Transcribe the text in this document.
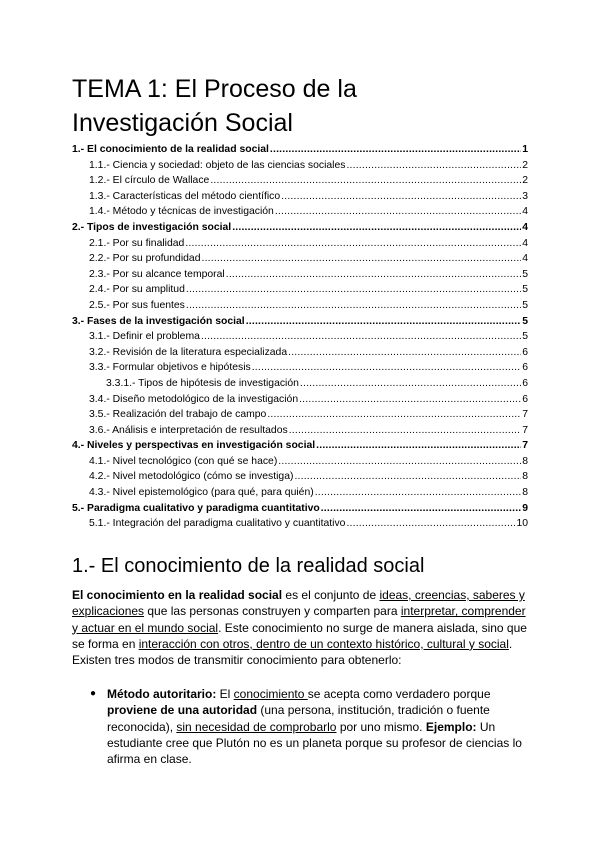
TEMA 1: El Proceso de la
Investigación Social
1.- El conocimiento de la realidad social .....	1
1.1.- Ciencia y sociedad: objeto de las ciencias sociales .....	2
1.2.- El círculo de Wallace .....	2
1.3.- Características del método científico .....	3
1.4.- Método y técnicas de investigación .....	4
2.- Tipos de investigación social .....	4
2.1.- Por su finalidad .....	4
2.2.- Por su profundidad .....	4
2.3.- Por su alcance temporal .....	5
2.4.- Por su amplitud .....	5
2.5.- Por sus fuentes .....	5
3.- Fases de la investigación social .....	5
3.1.- Definir el problema .....	5
3.2.- Revisión de la literatura especializada .....	6
3.3.- Formular objetivos e hipótesis .....	6
3.3.1.- Tipos de hipótesis de investigación .....	6
3.4.- Diseño metodológico de la investigación .....	6
3.5.- Realización del trabajo de campo .....	7
3.6.- Análisis e interpretación de resultados .....	7
4.- Niveles y perspectivas en investigación social .....	7
4.1.- Nivel tecnológico (con qué se hace) .....	8
4.2.- Nivel metodológico (cómo se investiga) .....	8
4.3.- Nivel epistemológico (para qué, para quién) .....	8
5.- Paradigma cualitativo y paradigma cuantitativo .....	9
5.1.- Integración del paradigma cualitativo y cuantitativo .....	10
1.- El conocimiento de la realidad social

El conocimiento en la realidad social es el conjunto de ideas, creencias, saberes y explicaciones que las personas construyen y comparten para interpretar, comprender y actuar en el mundo social. Este conocimiento no surge de manera aislada, sino que se forma en interacción con otros, dentro de un contexto histórico, cultural y social. Existen tres modos de transmitir conocimiento para obtenerlo:

● Método autoritario: El conocimiento se acepta como verdadero porque proviene de una autoridad (una persona, institución, tradición o fuente reconocida), sin necesidad de comprobarlo por uno mismo. Ejemplo: Un estudiante cree que Plutón no es un planeta porque su profesor de ciencias lo afirma en clase.
